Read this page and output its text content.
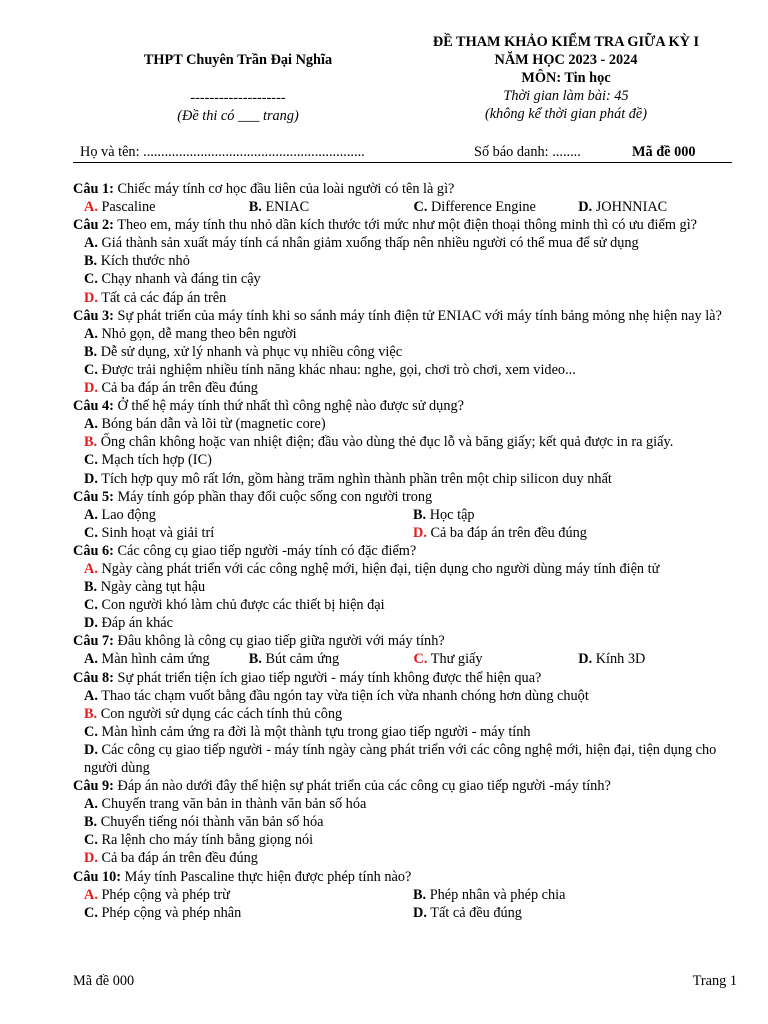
THPT Chuyên Trần Đại Nghĩa
--------------------
(Đề thi có ___ trang)
ĐỀ THAM KHẢO KIỂM TRA GIỮA KỲ I
NĂM HỌC 2023 - 2024
MÔN: Tin học
Thời gian làm bài: 45
(không kể thời gian phát đề)
Họ và tên: ..............................................................	Số báo danh: ........	Mã đề 000
Câu 1: Chiếc máy tính cơ học đầu liên của loài người có tên là gì?
A. Pascaline	B. ENIAC	C. Difference Engine	D. JOHNNIAC
Câu 2: Theo em, máy tính thu nhỏ dần kích thước tới mức như một điện thoại thông minh thì có ưu điểm gì?
A. Giá thành sản xuất máy tính cá nhân giảm xuống thấp nên nhiều người có thể mua để sử dụng
B. Kích thước nhỏ
C. Chạy nhanh và đáng tin cậy
D. Tất cả các đáp án trên
Câu 3: Sự phát triển của máy tính khi so sánh máy tính điện tử ENIAC với máy tính bảng mỏng nhẹ hiện nay là?
A. Nhỏ gọn, dễ mang theo bên người
B. Dễ sử dụng, xử lý nhanh và phục vụ nhiều công việc
C. Được trải nghiệm nhiều tính năng khác nhau: nghe, gọi, chơi trò chơi, xem video...
D. Cả ba đáp án trên đều đúng
Câu 4: Ở thế hệ máy tính thứ nhất thì công nghệ nào được sử dụng?
A. Bóng bán dẫn và lõi từ (magnetic core)
B. Ống chân không hoặc van nhiệt điện; đầu vào dùng thẻ đục lỗ và băng giấy; kết quả được in ra giấy.
C. Mạch tích hợp (IC)
D. Tích hợp quy mô rất lớn, gồm hàng trăm nghìn thành phần trên một chip silicon duy nhất
Câu 5: Máy tính góp phần thay đổi cuộc sống con người trong
A. Lao động	B. Học tập
C. Sinh hoạt và giải trí	D. Cả ba đáp án trên đều đúng
Câu 6: Các công cụ giao tiếp người -máy tính có đặc điểm?
A. Ngày càng phát triển với các công nghệ mới, hiện đại, tiện dụng cho người dùng máy tính điện tử
B. Ngày càng tụt hậu
C. Con người khó làm chủ được các thiết bị hiện đại
D. Đáp án khác
Câu 7: Đâu không là công cụ giao tiếp giữa người với máy tính?
A. Màn hình cảm ứng	B. Bút cảm ứng	C. Thư giấy	D. Kính 3D
Câu 8: Sự phát triển tiện ích giao tiếp người - máy tính không được thể hiện qua?
A. Thao tác chạm vuốt bằng đầu ngón tay vừa tiện ích vừa nhanh chóng hơn dùng chuột
B. Con người sử dụng các cách tính thủ công
C. Màn hình cảm ứng ra đời là một thành tựu trong giao tiếp người - máy tính
D. Các công cụ giao tiếp người - máy tính ngày càng phát triển với các công nghệ mới, hiện đại, tiện dụng cho người dùng
Câu 9: Đáp án nào dưới đây thể hiện sự phát triển của các công cụ giao tiếp người -máy tính?
A. Chuyển trang văn bản in thành văn bản số hóa
B. Chuyển tiếng nói thành văn bản số hóa
C. Ra lệnh cho máy tính bằng giọng nói
D. Cả ba đáp án trên đều đúng
Câu 10: Máy tính Pascaline thực hiện được phép tính nào?
A. Phép cộng và phép trừ	B. Phép nhân và phép chia
C. Phép cộng và phép nhân	D. Tất cả đều đúng
Mã đề 000	Trang 1
